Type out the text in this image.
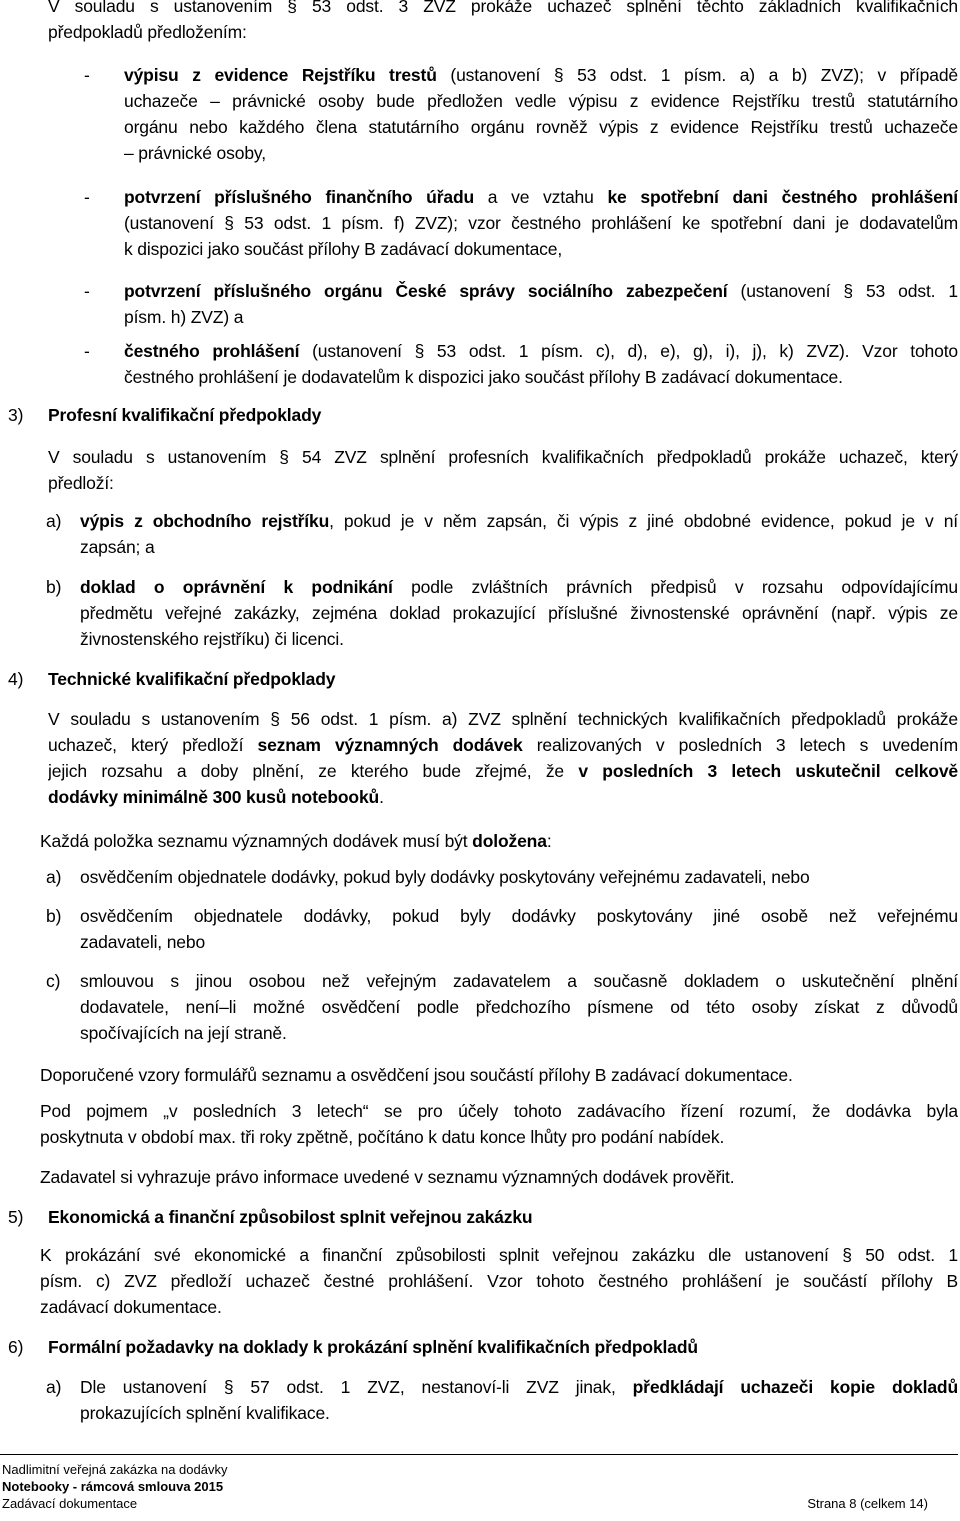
V souladu s ustanovením § 53 odst. 3 ZVZ prokáže uchazeč splnění těchto základních kvalifikačních
předpokladů předložením:
- výpisu z evidence Rejstříku trestů (ustanovení § 53 odst. 1 písm. a) a b) ZVZ); v případě
uchazeče – právnické osoby bude předložen vedle výpisu z evidence Rejstříku trestů statutárního
orgánu nebo každého člena statutárního orgánu rovněž výpis z evidence Rejstříku trestů uchazeče
– právnické osoby,
- potvrzení příslušného finančního úřadu a ve vztahu ke spotřební dani čestného prohlášení
(ustanovení § 53 odst. 1 písm. f) ZVZ); vzor čestného prohlášení ke spotřební dani je dodavatelům
k dispozici jako součást přílohy B zadávací dokumentace,
- potvrzení příslušného orgánu České správy sociálního zabezpečení (ustanovení § 53 odst. 1
písm. h) ZVZ) a
- čestného prohlášení (ustanovení § 53 odst. 1 písm. c), d), e), g), i), j), k) ZVZ). Vzor tohoto
čestného prohlášení je dodavatelům k dispozici jako součást přílohy B zadávací dokumentace.
3) Profesní kvalifikační předpoklady
V souladu s ustanovením § 54 ZVZ splnění profesních kvalifikačních předpokladů prokáže uchazeč, který
předloží:
a) výpis z obchodního rejstříku, pokud je v něm zapsán, či výpis z jiné obdobné evidence, pokud je v ní
zapsán; a
b) doklad o oprávnění k podnikání podle zvláštních právních předpisů v rozsahu odpovídajícímu
předmětu veřejné zakázky, zejména doklad prokazující příslušné živnostenské oprávnění (např. výpis ze
živnostenského rejstříku) či licenci.
4) Technické kvalifikační předpoklady
V souladu s ustanovením § 56 odst. 1 písm. a) ZVZ splnění technických kvalifikačních předpokladů prokáže
uchazeč, který předloží seznam významných dodávek realizovaných v posledních 3 letech s uvedením
jejich rozsahu a doby plnění, ze kterého bude zřejmé, že v posledních 3 letech uskutečnil celkově
dodávky minimálně 300 kusů notebooků.
Každá položka seznamu významných dodávek musí být doložena:
a) osvědčením objednatele dodávky, pokud byly dodávky poskytovány veřejnému zadavateli, nebo
b) osvědčením objednatele dodávky, pokud byly dodávky poskytovány jiné osobě než veřejnému
zadavateli, nebo
c) smlouvou s jinou osobou než veřejným zadavatelem a současně dokladem o uskutečnění plnění
dodavatele, není–li možné osvědčení podle předchozího písmene od této osoby získat z důvodů
spočívajících na její straně.
Doporučené vzory formulářů seznamu a osvědčení jsou součástí přílohy B zadávací dokumentace.
Pod pojmem „v posledních 3 letech“ se pro účely tohoto zadávacího řízení rozumí, že dodávka byla
poskytnuta v období max. tři roky zpětně, počítáno k datu konce lhůty pro podání nabídek.
Zadavatel si vyhrazuje právo informace uvedené v seznamu významných dodávek prověřit.
5) Ekonomická a finanční způsobilost splnit veřejnou zakázku
K prokázání své ekonomické a finanční způsobilosti splnit veřejnou zakázku dle ustanovení § 50 odst. 1
písm. c) ZVZ předloží uchazeč čestné prohlášení. Vzor tohoto čestného prohlášení je součástí přílohy B
zadávací dokumentace.
6) Formální požadavky na doklady k prokázání splnění kvalifikačních předpokladů
a) Dle ustanovení § 57 odst. 1 ZVZ, nestanoví-li ZVZ jinak, předkládají uchazeči kopie dokladů
prokazujících splnění kvalifikace.
Nadlimitní veřejná zakázka na dodávky
Notebooky - rámcová smlouva 2015
Zadávací dokumentace	Strana 8 (celkem 14)
